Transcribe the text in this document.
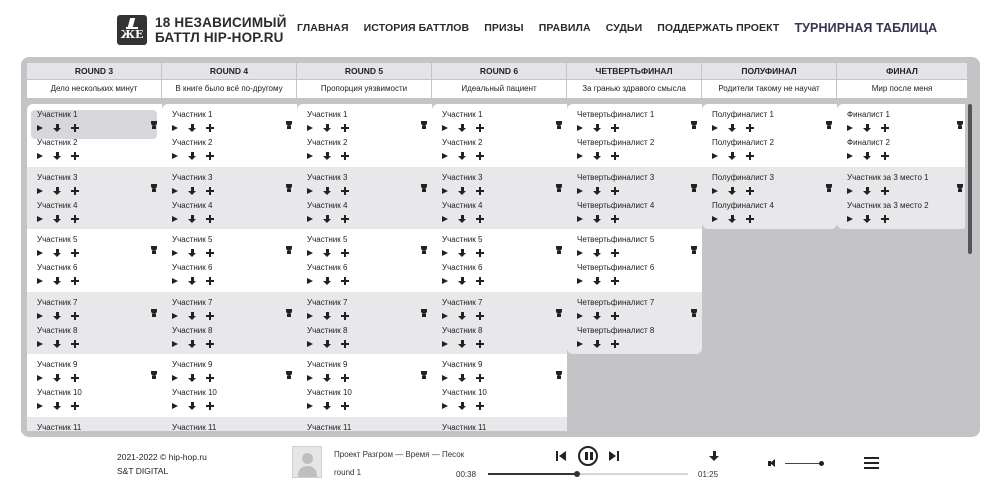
ЖЕ
18 НЕЗАВИСИМЫЙ
БАТТЛ HIP-HOP.RU
ГЛАВНАЯ ИСТОРИЯ БАТТЛОВ ПРИЗЫ ПРАВИЛА СУДЬИ ПОДДЕРЖАТЬ ПРОЕКТ ТУРНИРНАЯ ТАБЛИЦА
ROUND 3
Дело нескольких минут
ROUND 4
В книге было всё по-другому
ROUND 5
Пропорция уязвимости
ROUND 6
Идеальный пациент
ЧЕТВЕРТЬФИНАЛ
За гранью здравого смысла
ПОЛУФИНАЛ
Родители такому не научат
ФИНАЛ
Мир после меня
Участник 1
Участник 2
Участник 3
Участник 4
Участник 5
Участник 6
Участник 7
Участник 8
Участник 9
Участник 10
Участник 11
Участник 1
Участник 2
Участник 3
Участник 4
Участник 5
Участник 6
Участник 7
Участник 8
Участник 9
Участник 10
Участник 11
Участник 1
Участник 2
Участник 3
Участник 4
Участник 5
Участник 6
Участник 7
Участник 8
Участник 9
Участник 10
Участник 11
Участник 1
Участник 2
Участник 3
Участник 4
Участник 5
Участник 6
Участник 7
Участник 8
Участник 9
Участник 10
Участник 11
Четвертьфиналист 1
Четвертьфиналист 2
Четвертьфиналист 3
Четвертьфиналист 4
Четвертьфиналист 5
Четвертьфиналист 6
Четвертьфиналист 7
Четвертьфиналист 8
Полуфиналист 1
Полуфиналист 2
Полуфиналист 3
Полуфиналист 4
Финалист 1
Финалист 2
Участник за 3 место 1
Участник за 3 место 2
2021-2022 © hip-hop.ru
S&T DIGITAL
Проект Разгром — Время — Песок
round 1	00:38	01:25
